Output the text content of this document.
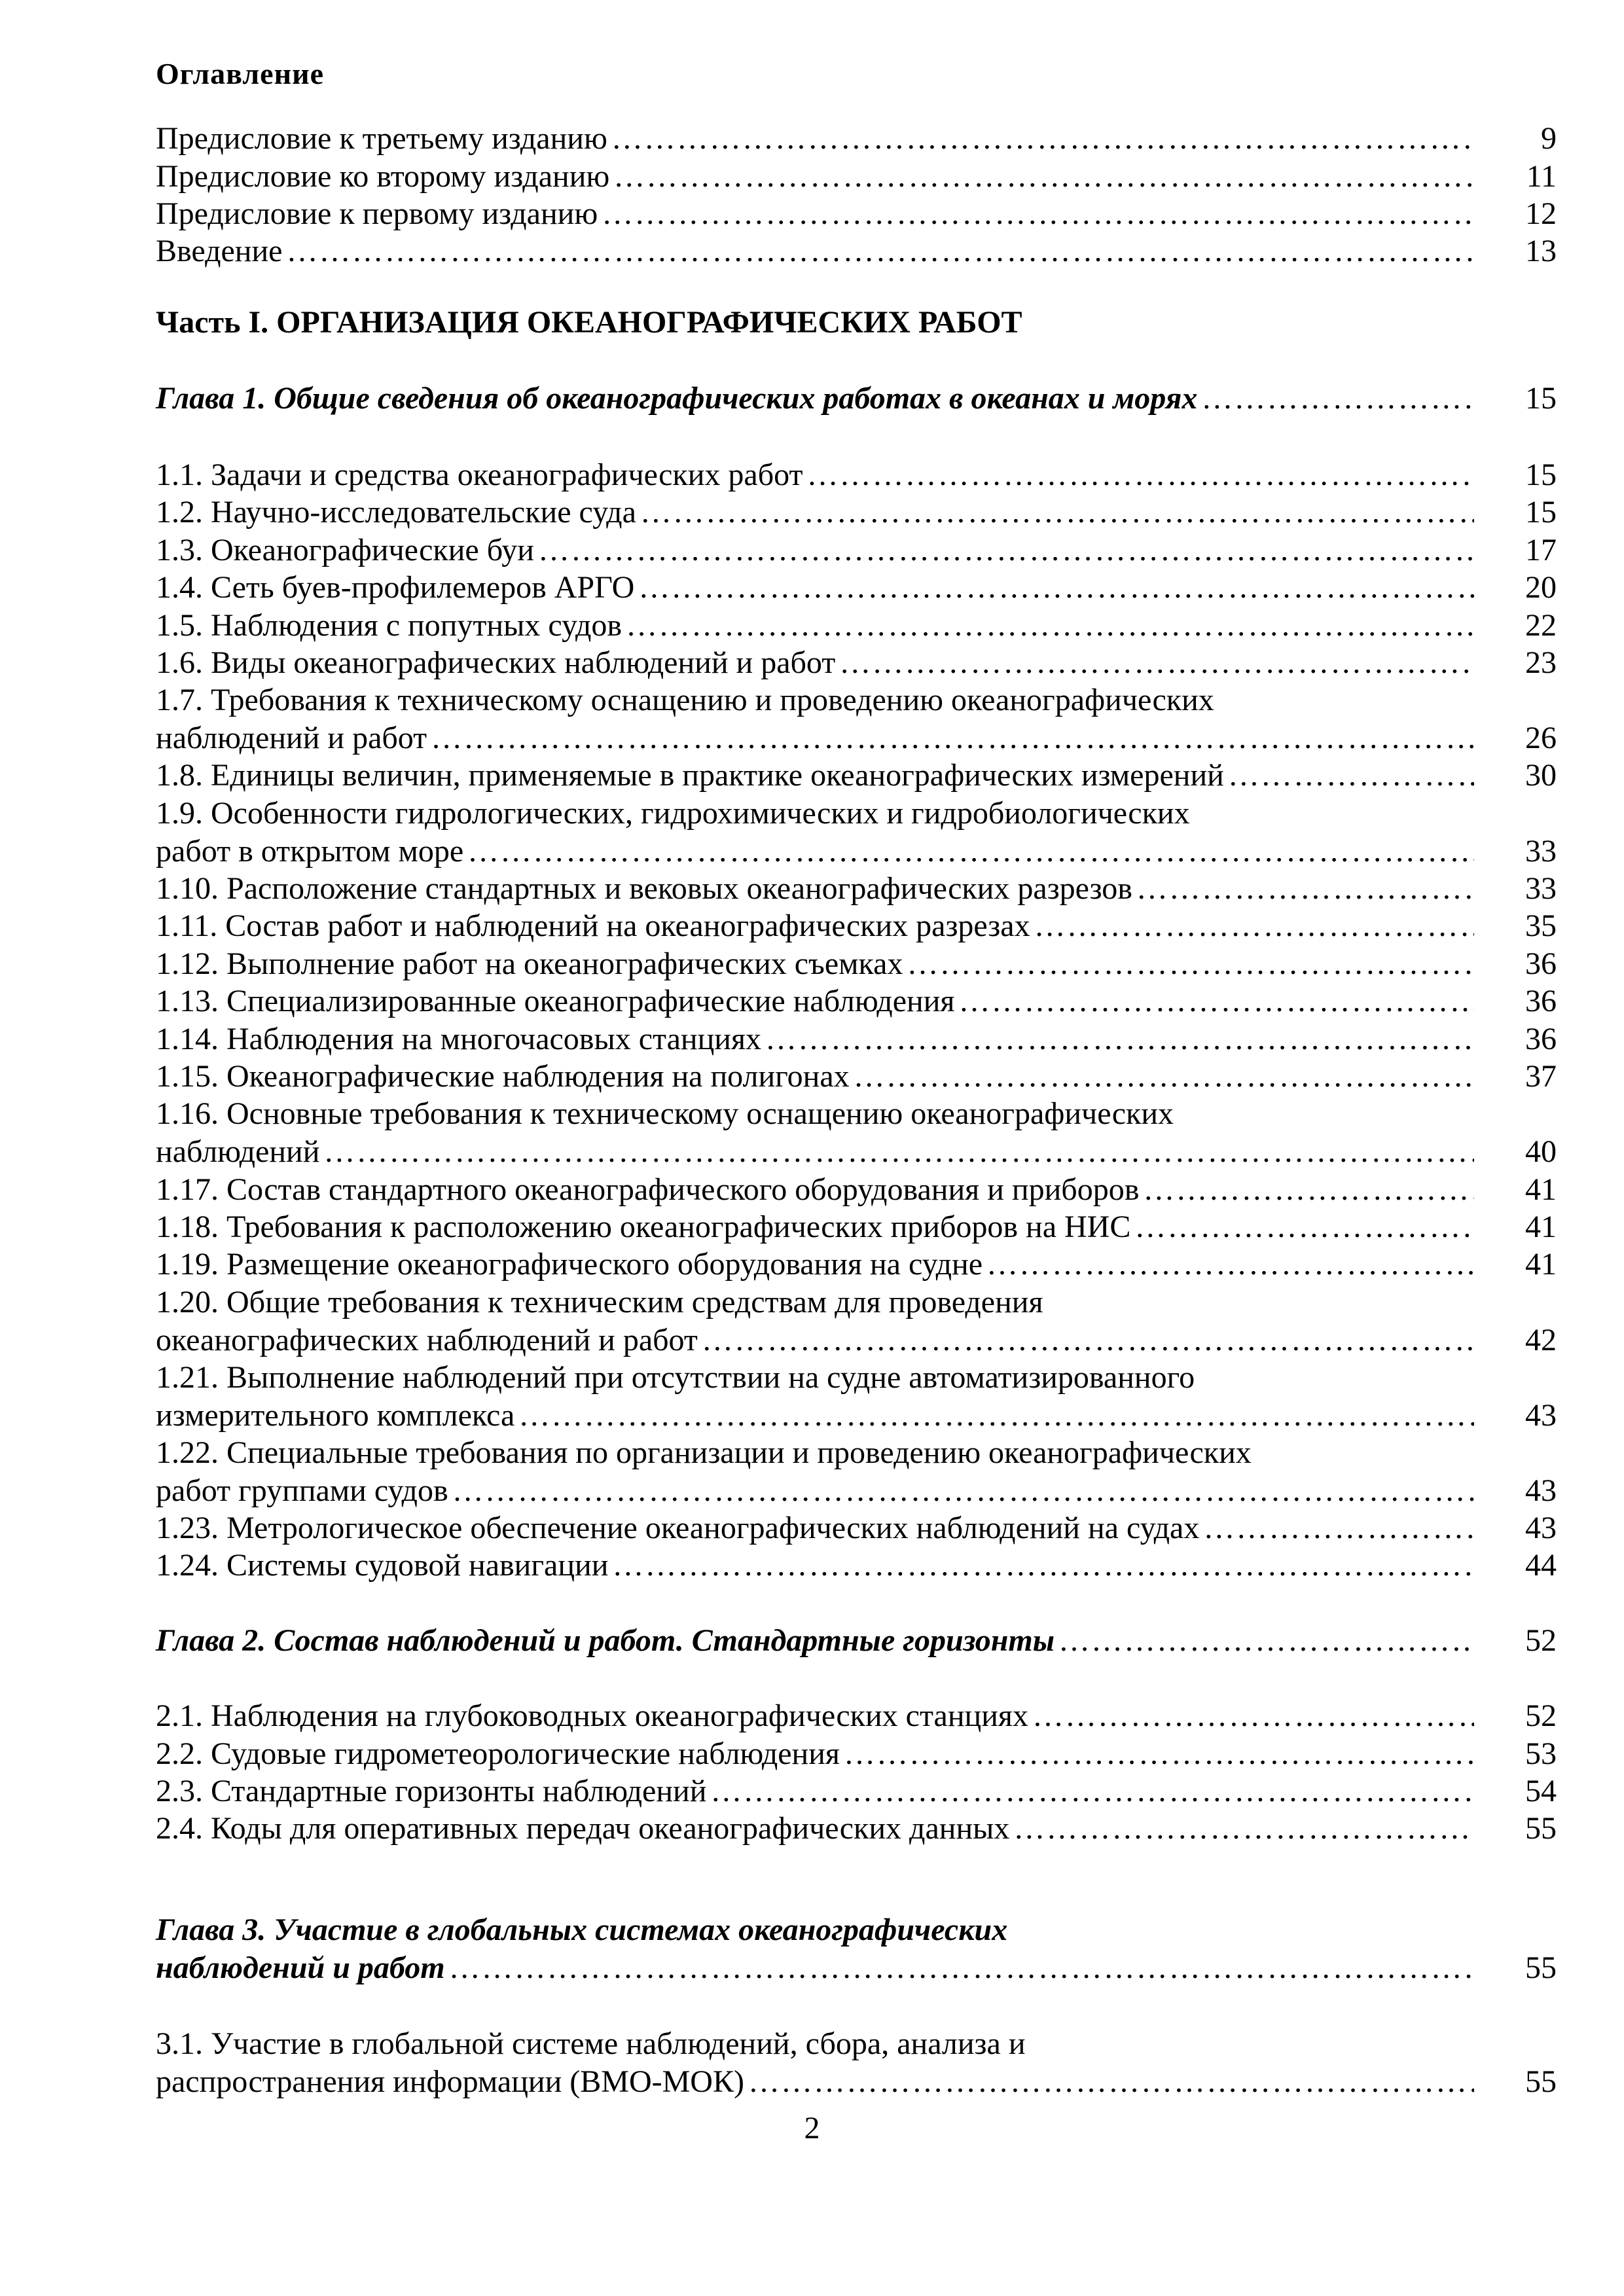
Оглавление
Предисловие к третьему изданию ………………………………………………………………………………………………………………………………………………………………………………………………………………………………………………………………………………………………	9
Предисловие ко второму изданию ………………………………………………………………………………………………………………………………………………………………………………………………………………………………………………………………………………………………	11
Предисловие к первому изданию ………………………………………………………………………………………………………………………………………………………………………………………………………………………………………………………………………………………………	12
Введение ………………………………………………………………………………………………………………………………………………………………………………………………………………………………………………………………………………………………	13
Часть I. ОРГАНИЗАЦИЯ ОКЕАНОГРАФИЧЕСКИХ РАБОТ
Глава 1. Общие сведения об океанографических работах в океанах и морях ………………………………………………………………………………………………………………………………………………………………………………………………………………………………………………………………………………………………	15
1.1. Задачи и средства океанографических работ ………………………………………………………………………………………………………………………………………………………………………………………………………………………………………………………………………………………………	15
1.2. Научно-исследовательские суда ………………………………………………………………………………………………………………………………………………………………………………………………………………………………………………………………………………………………	15
1.3. Океанографические буи ………………………………………………………………………………………………………………………………………………………………………………………………………………………………………………………………………………………………	17
1.4. Сеть буев-профилемеров АРГО ………………………………………………………………………………………………………………………………………………………………………………………………………………………………………………………………………………………………	20
1.5. Наблюдения с попутных судов ………………………………………………………………………………………………………………………………………………………………………………………………………………………………………………………………………………………………	22
1.6. Виды океанографических наблюдений и работ ………………………………………………………………………………………………………………………………………………………………………………………………………………………………………………………………………………………………	23
1.7. Требования к техническому оснащению и проведению океанографических
наблюдений и работ ………………………………………………………………………………………………………………………………………………………………………………………………………………………………………………………………………………………………	26
1.8. Единицы величин, применяемые в практике океанографических измерений ………………………………………………………………………………………………………………………………………………………………………………………………………………………………………………………………………………………………	30
1.9. Особенности гидрологических, гидрохимических и гидробиологических
работ в открытом море ………………………………………………………………………………………………………………………………………………………………………………………………………………………………………………………………………………………………	33
1.10. Расположение стандартных и вековых океанографических разрезов ………………………………………………………………………………………………………………………………………………………………………………………………………………………………………………………………………………………………	33
1.11. Состав работ и наблюдений на океанографических разрезах ………………………………………………………………………………………………………………………………………………………………………………………………………………………………………………………………………………………………	35
1.12. Выполнение работ на океанографических съемках ………………………………………………………………………………………………………………………………………………………………………………………………………………………………………………………………………………………………	36
1.13. Специализированные океанографические наблюдения ………………………………………………………………………………………………………………………………………………………………………………………………………………………………………………………………………………………………	36
1.14. Наблюдения на многочасовых станциях ………………………………………………………………………………………………………………………………………………………………………………………………………………………………………………………………………………………………	36
1.15. Океанографические наблюдения на полигонах ………………………………………………………………………………………………………………………………………………………………………………………………………………………………………………………………………………………………	37
1.16. Основные требования к техническому оснащению океанографических
наблюдений ………………………………………………………………………………………………………………………………………………………………………………………………………………………………………………………………………………………………	40
1.17. Состав стандартного океанографического оборудования и приборов ………………………………………………………………………………………………………………………………………………………………………………………………………………………………………………………………………………………………	41
1.18. Требования к расположению океанографических приборов на НИС ………………………………………………………………………………………………………………………………………………………………………………………………………………………………………………………………………………………………	41
1.19. Размещение океанографического оборудования на судне ………………………………………………………………………………………………………………………………………………………………………………………………………………………………………………………………………………………………	41
1.20. Общие требования к техническим средствам для проведения
океанографических наблюдений и работ ………………………………………………………………………………………………………………………………………………………………………………………………………………………………………………………………………………………………	42
1.21. Выполнение наблюдений при отсутствии на судне автоматизированного
измерительного комплекса ………………………………………………………………………………………………………………………………………………………………………………………………………………………………………………………………………………………………	43
1.22. Специальные требования по организации и проведению океанографических
работ группами судов ………………………………………………………………………………………………………………………………………………………………………………………………………………………………………………………………………………………………	43
1.23. Метрологическое обеспечение океанографических наблюдений на судах ………………………………………………………………………………………………………………………………………………………………………………………………………………………………………………………………………………………………	43
1.24. Системы судовой навигации ………………………………………………………………………………………………………………………………………………………………………………………………………………………………………………………………………………………………	44
Глава 2. Состав наблюдений и работ. Стандартные горизонты ………………………………………………………………………………………………………………………………………………………………………………………………………………………………………………………………………………………………	52
2.1. Наблюдения на глубоководных океанографических станциях ………………………………………………………………………………………………………………………………………………………………………………………………………………………………………………………………………………………………	52
2.2. Судовые гидрометеорологические наблюдения ………………………………………………………………………………………………………………………………………………………………………………………………………………………………………………………………………………………………	53
2.3. Стандартные горизонты наблюдений ………………………………………………………………………………………………………………………………………………………………………………………………………………………………………………………………………………………………	54
2.4. Коды для оперативных передач океанографических данных ………………………………………………………………………………………………………………………………………………………………………………………………………………………………………………………………………………………………	55
Глава 3. Участие в глобальных системах океанографических
наблюдений и работ ………………………………………………………………………………………………………………………………………………………………………………………………………………………………………………………………………………………………	55
3.1. Участие в глобальной системе наблюдений, сбора, анализа и
распространения информации (ВМО-МОК) ………………………………………………………………………………………………………………………………………………………………………………………………………………………………………………………………………………………………	55
2
